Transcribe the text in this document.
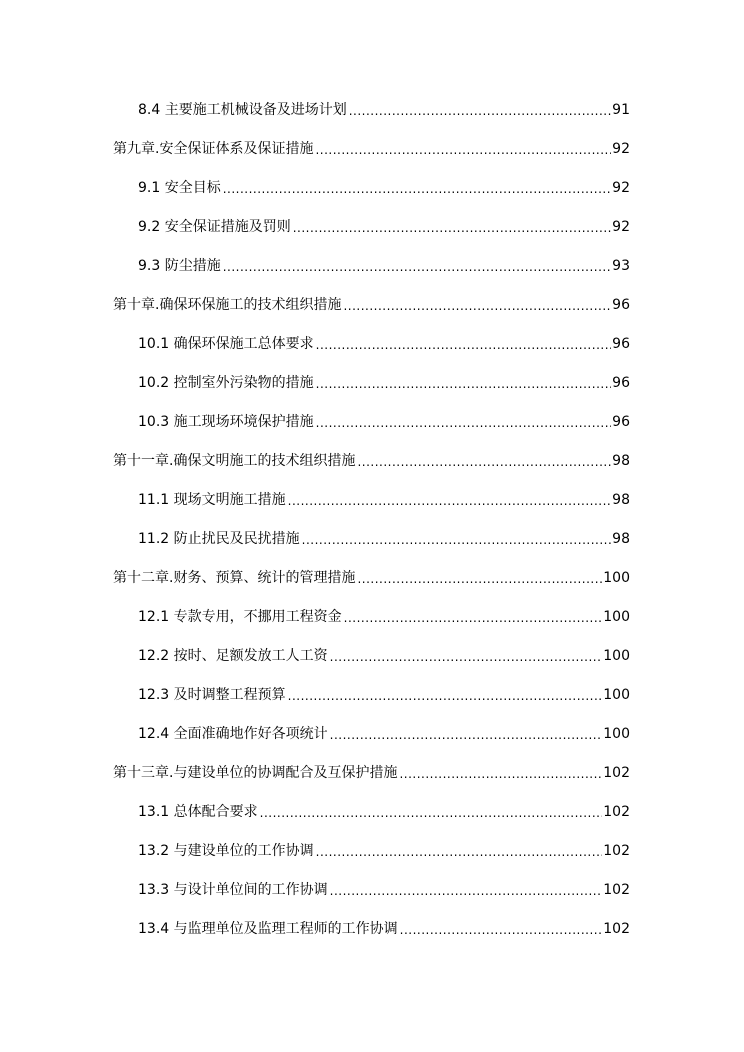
8.4 主要施工机械设备及进场计划 .....	91
第九章.安全保证体系及保证措施 .....	92
9.1 安全目标 .....	92
9.2 安全保证措施及罚则 .....	92
9.3 防尘措施 .....	93
第十章.确保环保施工的技术组织措施 .....	96
10.1 确保环保施工总体要求 .....	96
10.2 控制室外污染物的措施 .....	96
10.3 施工现场环境保护措施 .....	96
第十一章.确保文明施工的技术组织措施 .....	98
11.1 现场文明施工措施 .....	98
11.2 防止扰民及民扰措施 .....	98
第十二章.财务、预算、统计的管理措施 .....	100
12.1 专款专用，不挪用工程资金 .....	100
12.2 按时、足额发放工人工资 .....	100
12.3 及时调整工程预算 .....	100
12.4 全面准确地作好各项统计 .....	100
第十三章.与建设单位的协调配合及互保护措施 .....	102
13.1 总体配合要求 .....	102
13.2 与建设单位的工作协调 .....	102
13.3 与设计单位间的工作协调 .....	102
13.4 与监理单位及监理工程师的工作协调 .....	102
